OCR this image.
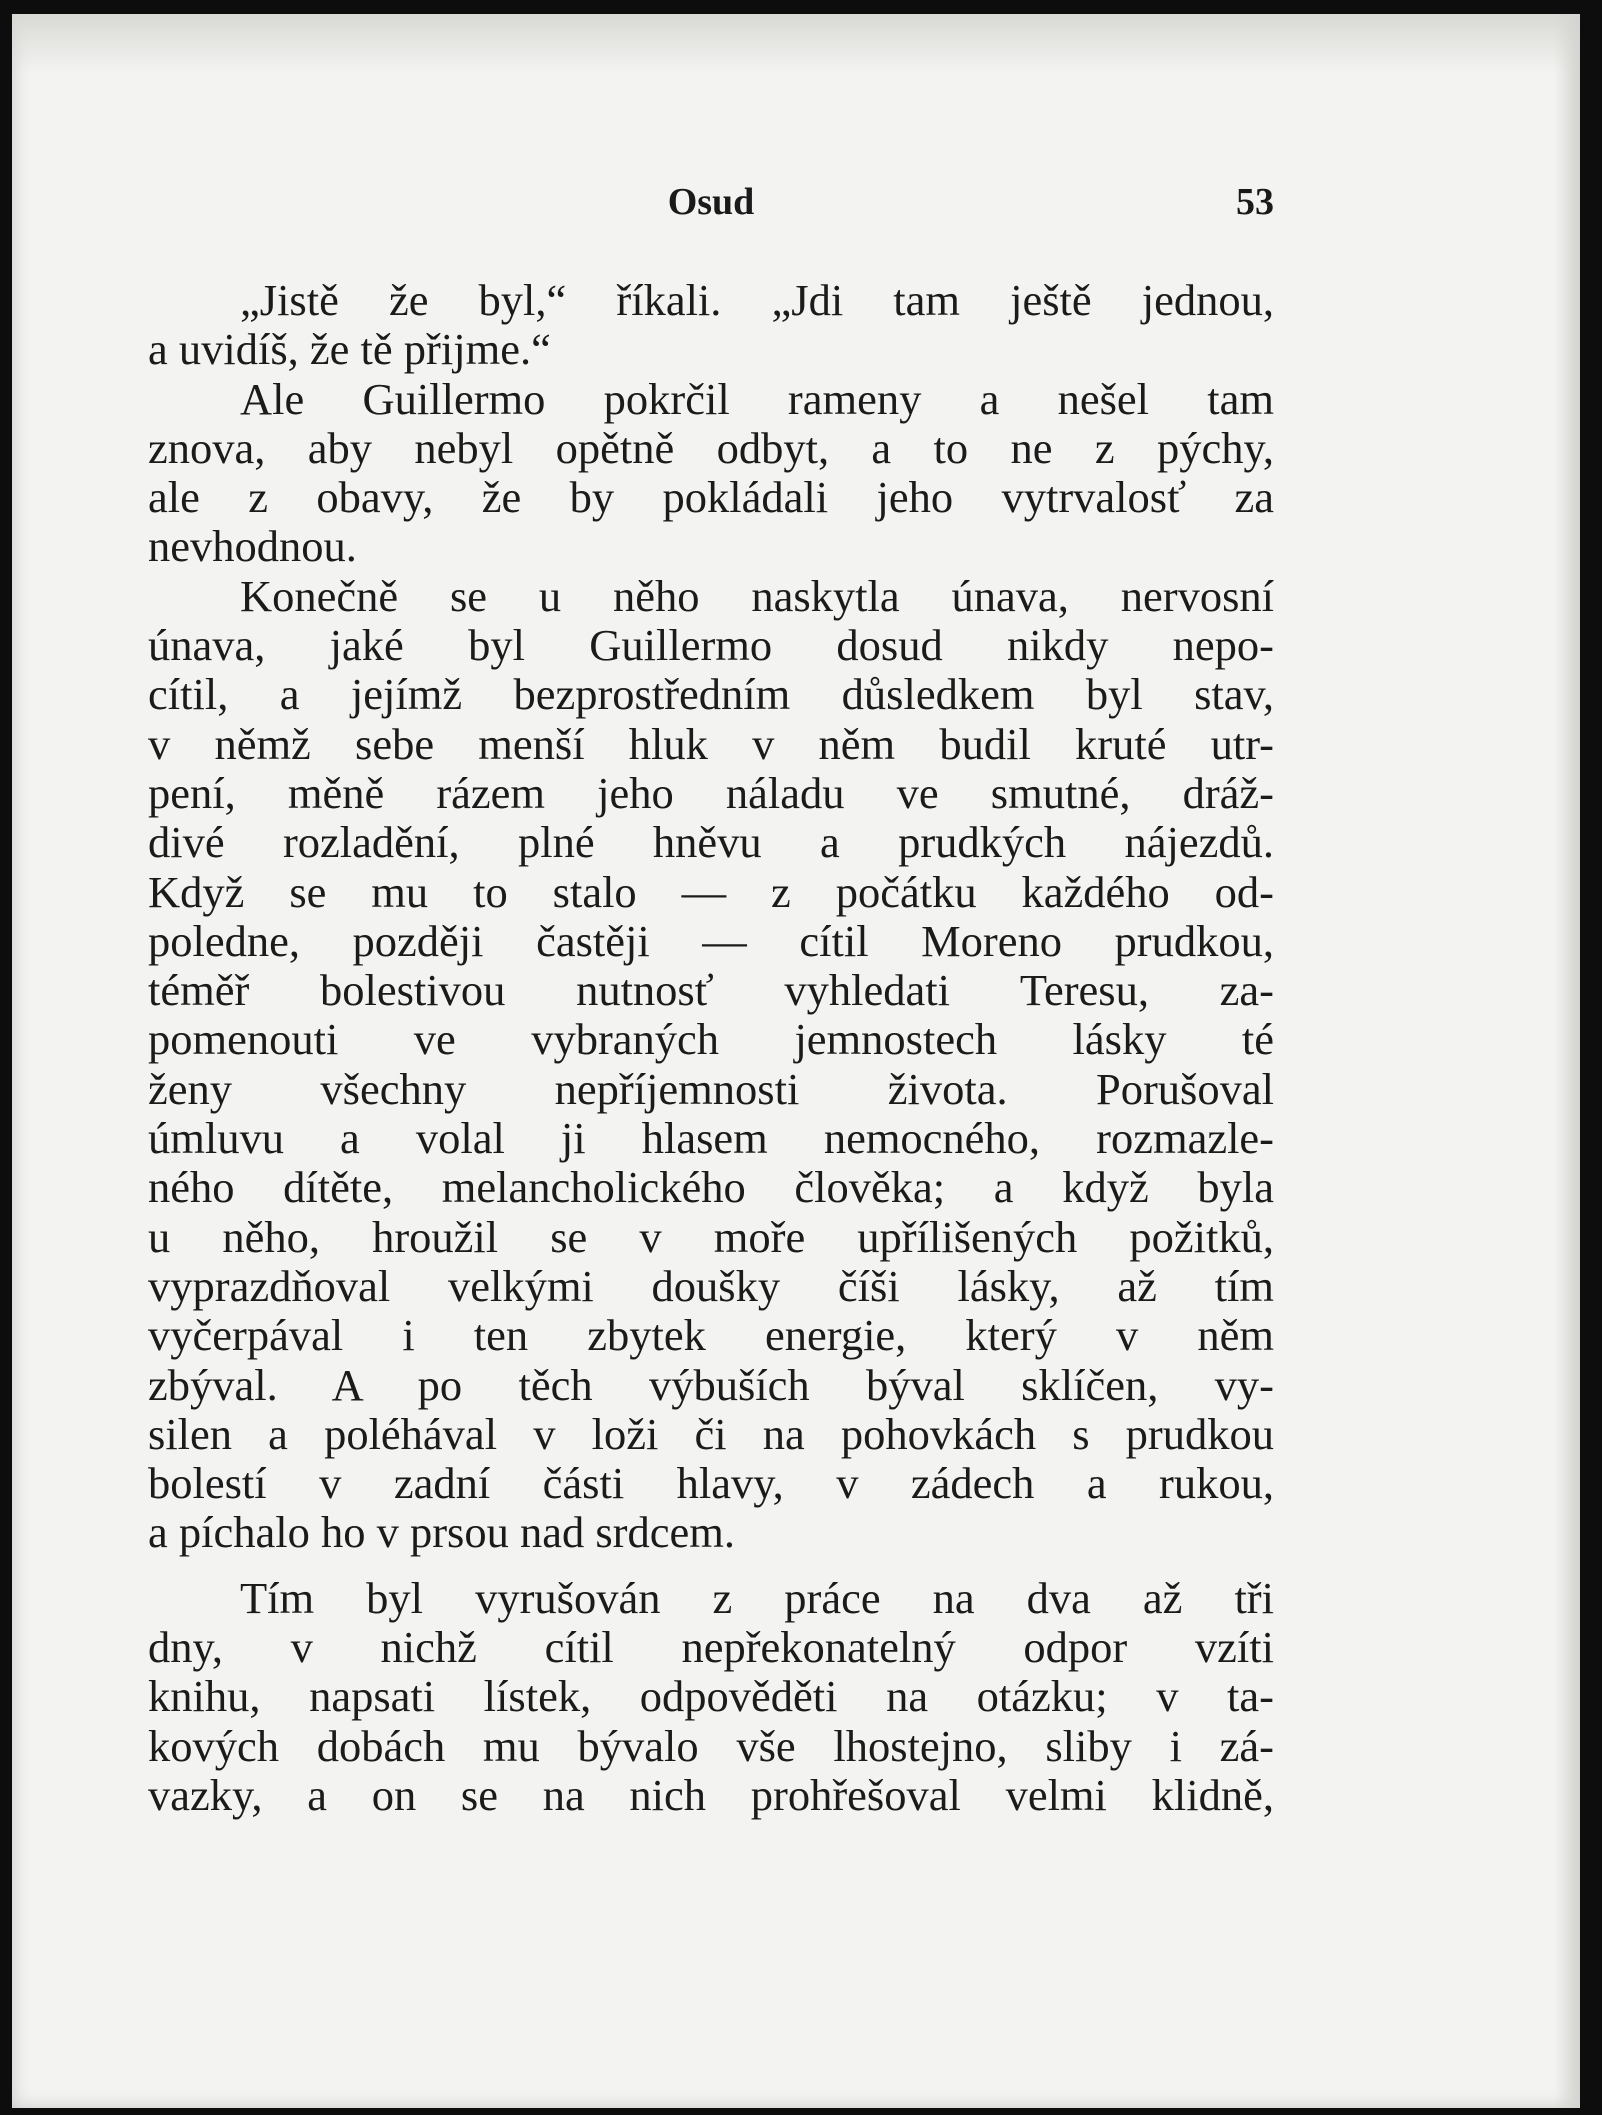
Osud	53
„Jistě že byl,“ říkali. „Jdi tam ještě jednou,
a uvidíš, že tě přijme.“
Ale Guillermo pokrčil rameny a nešel tam
znova, aby nebyl opětně odbyt, a to ne z pýchy,
ale z obavy, že by pokládali jeho vytrvalosť za
nevhodnou.
Konečně se u něho naskytla únava, nervosní
únava, jaké byl Guillermo dosud nikdy nepo-
cítil, a jejímž bezprostředním důsledkem byl stav,
v němž sebe menší hluk v něm budil kruté utr-
pení, měně rázem jeho náladu ve smutné, dráž-
divé rozladění, plné hněvu a prudkých nájezdů.
Když se mu to stalo — z počátku každého od-
poledne, později častěji — cítil Moreno prudkou,
téměř bolestivou nutnosť vyhledati Teresu, za-
pomenouti ve vybraných jemnostech lásky té
ženy všechny nepříjemnosti života. Porušoval
úmluvu a volal ji hlasem nemocného, rozmazle-
ného dítěte, melancholického člověka; a když byla
u něho, hroužil se v moře upřílišených požitků,
vyprazdňoval velkými doušky číši lásky, až tím
vyčerpával i ten zbytek energie, který v něm
zbýval. A po těch výbuších býval sklíčen, vy-
silen a poléhával v loži či na pohovkách s prudkou
bolestí v zadní části hlavy, v zádech a rukou,
a píchalo ho v prsou nad srdcem.
Tím byl vyrušován z práce na dva až tři
dny, v nichž cítil nepřekonatelný odpor vzíti
knihu, napsati lístek, odpověděti na otázku; v ta-
kových dobách mu bývalo vše lhostejno, sliby i zá-
vazky, a on se na nich prohřešoval velmi klidně,
